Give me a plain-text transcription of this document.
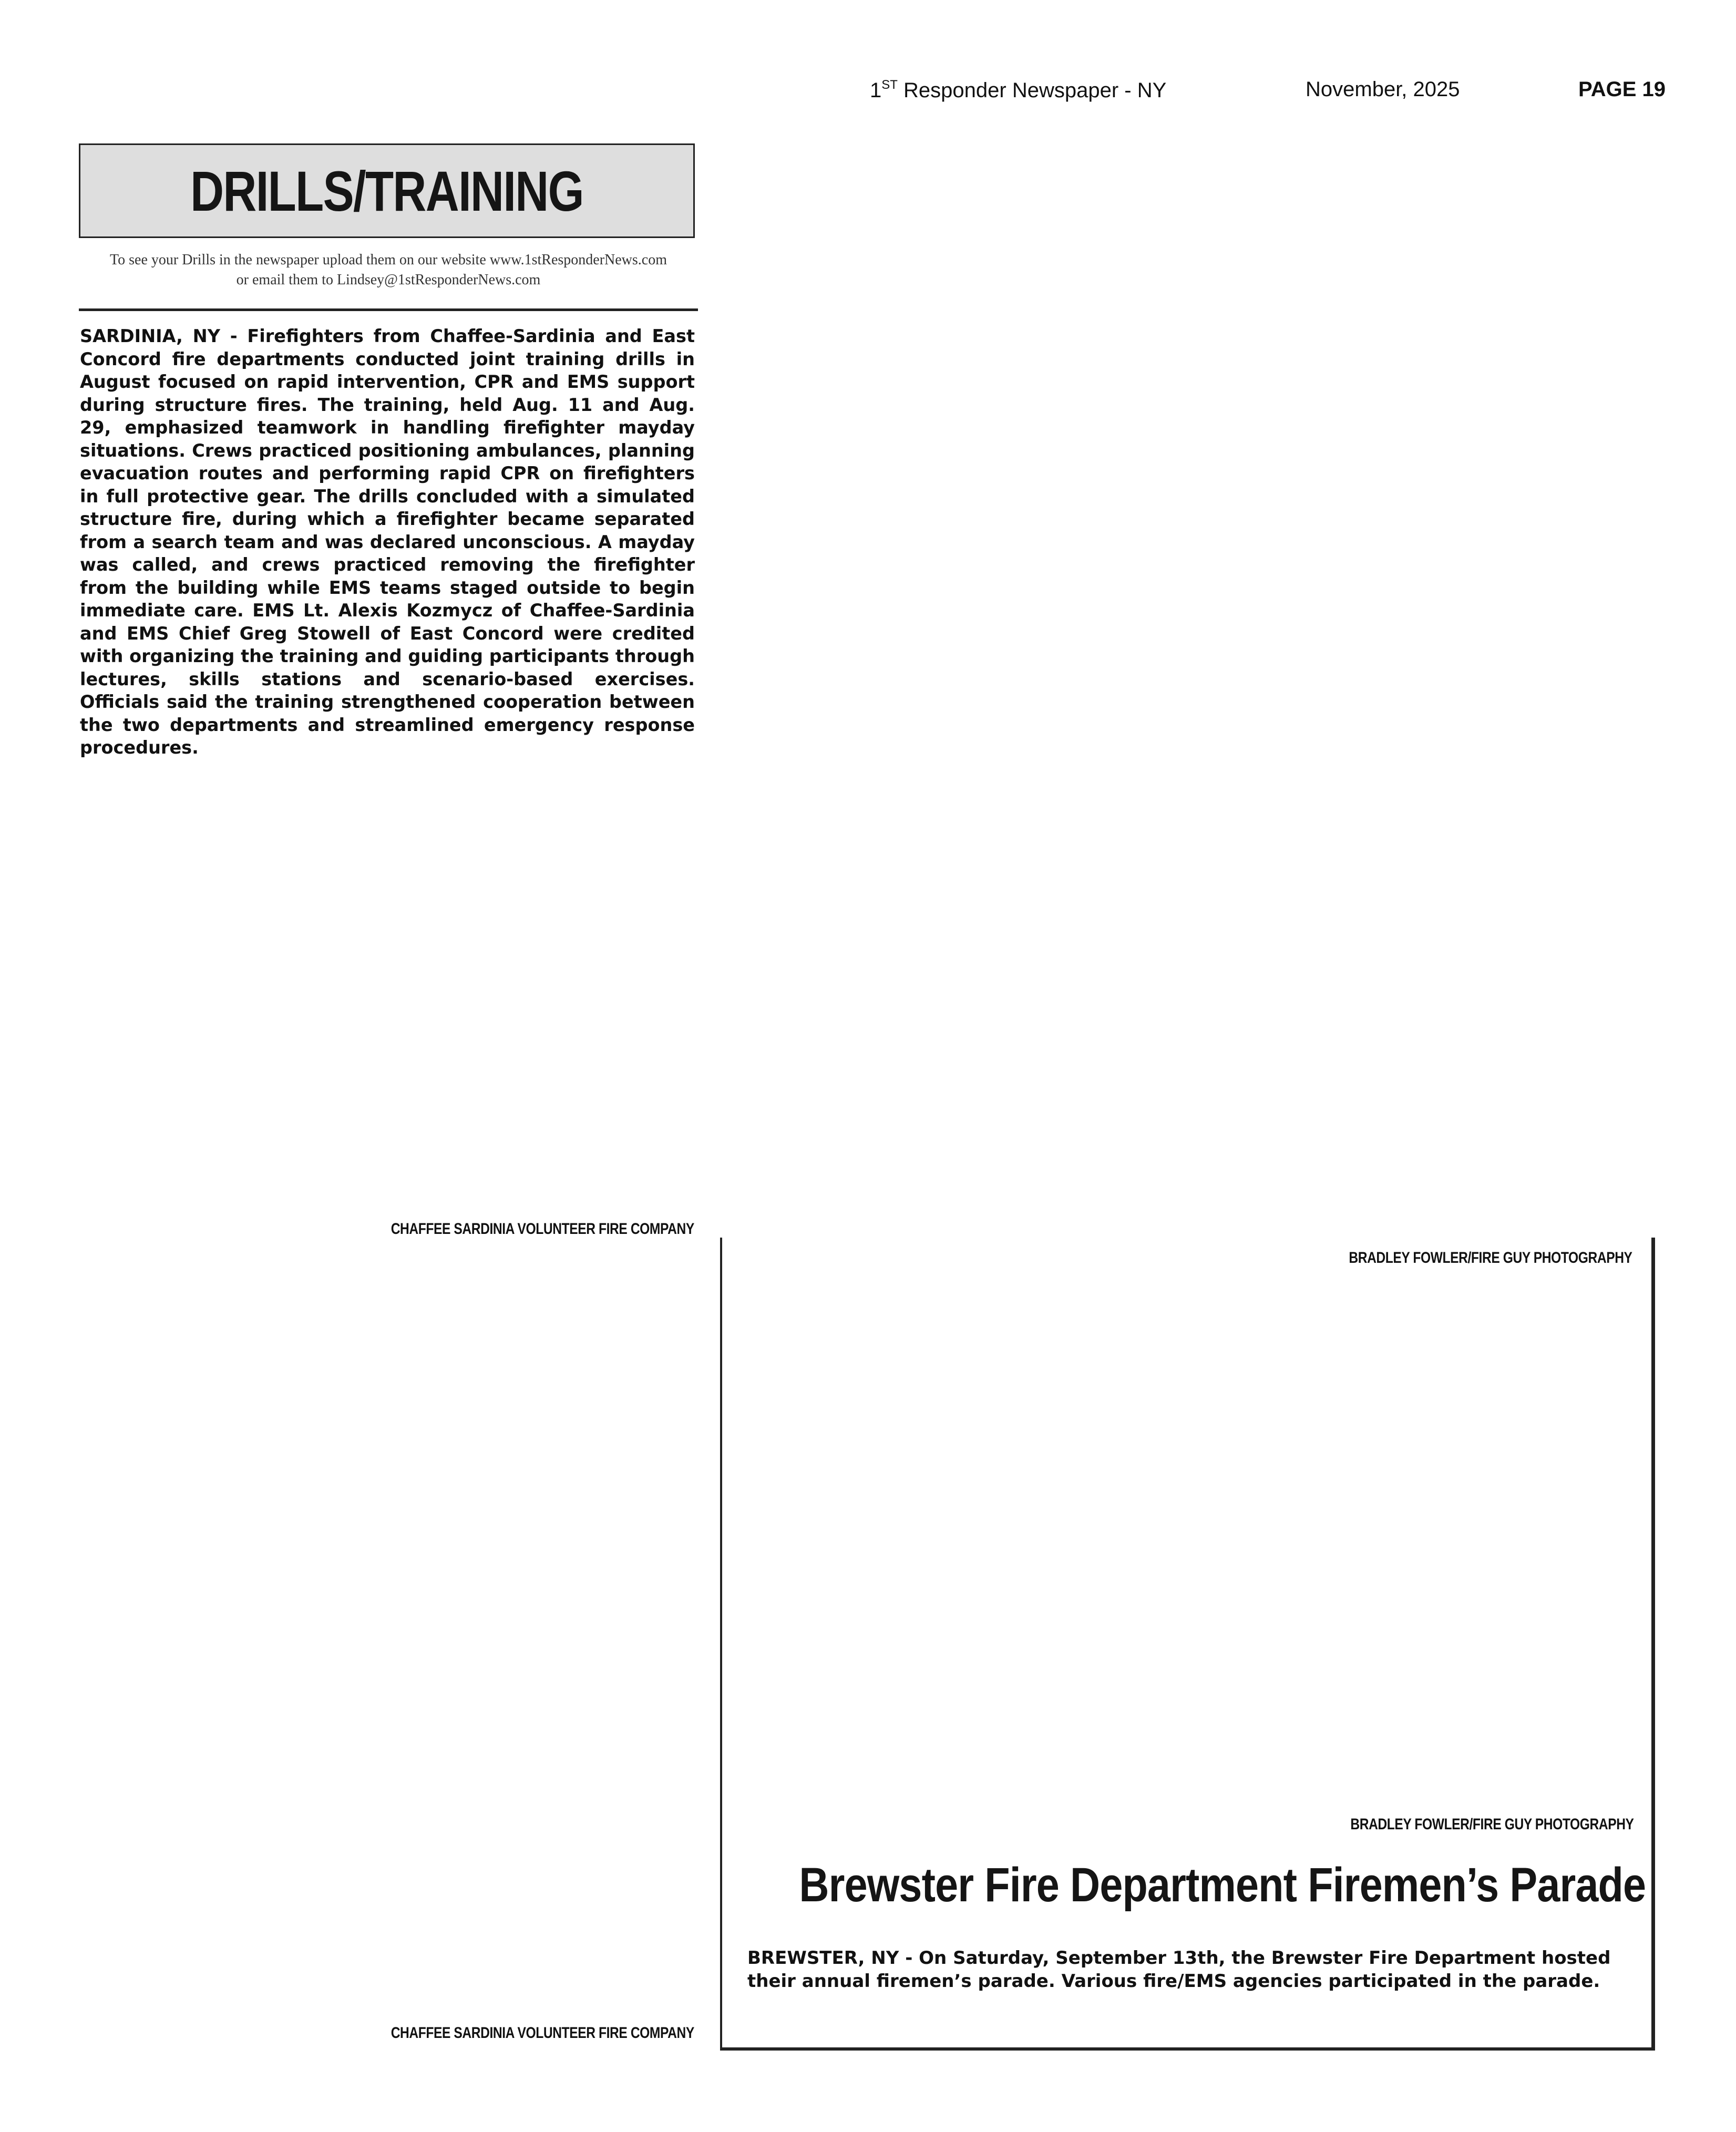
1ST Responder Newspaper - NY	November, 2025	PAGE 19
DRILLS/TRAINING
To see your Drills in the newspaper upload them on our website www.1stResponderNews.com
or email them to Lindsey@1stResponderNews.com
SARDINIA, NY - Firefighters from Chaffee-Sardinia and East Concord fire departments conducted joint training drills in August focused on rapid intervention, CPR and EMS support during structure fires. The training, held Aug. 11 and Aug. 29, emphasized teamwork in handling firefighter mayday situations. Crews practiced positioning ambulances, planning evacuation routes and performing rapid CPR on firefighters in full protective gear. The drills concluded with a simulated structure fire, during which a firefighter became separated from a search team and was declared unconscious. A mayday was called, and crews practiced removing the firefighter from the building while EMS teams staged outside to begin immediate care. EMS Lt. Alexis Kozmycz of Chaffee-Sardinia and EMS Chief Greg Stowell of East Concord were credited with organizing the training and guiding participants through lectures, skills stations and scenario-based exercises. Officials said the training strengthened cooperation between the two departments and streamlined emergency response procedures.
CHAFFEE SARDINIA VOLUNTEER FIRE COMPANY
CHAFFEE SARDINIA VOLUNTEER FIRE COMPANY
BRADLEY FOWLER/FIRE GUY PHOTOGRAPHY
BRADLEY FOWLER/FIRE GUY PHOTOGRAPHY
Brewster Fire Department Firemen’s Parade
BREWSTER, NY - On Saturday, September 13th, the Brewster Fire Department hosted their annual firemen’s parade. Various fire/EMS agencies participated in the parade.
